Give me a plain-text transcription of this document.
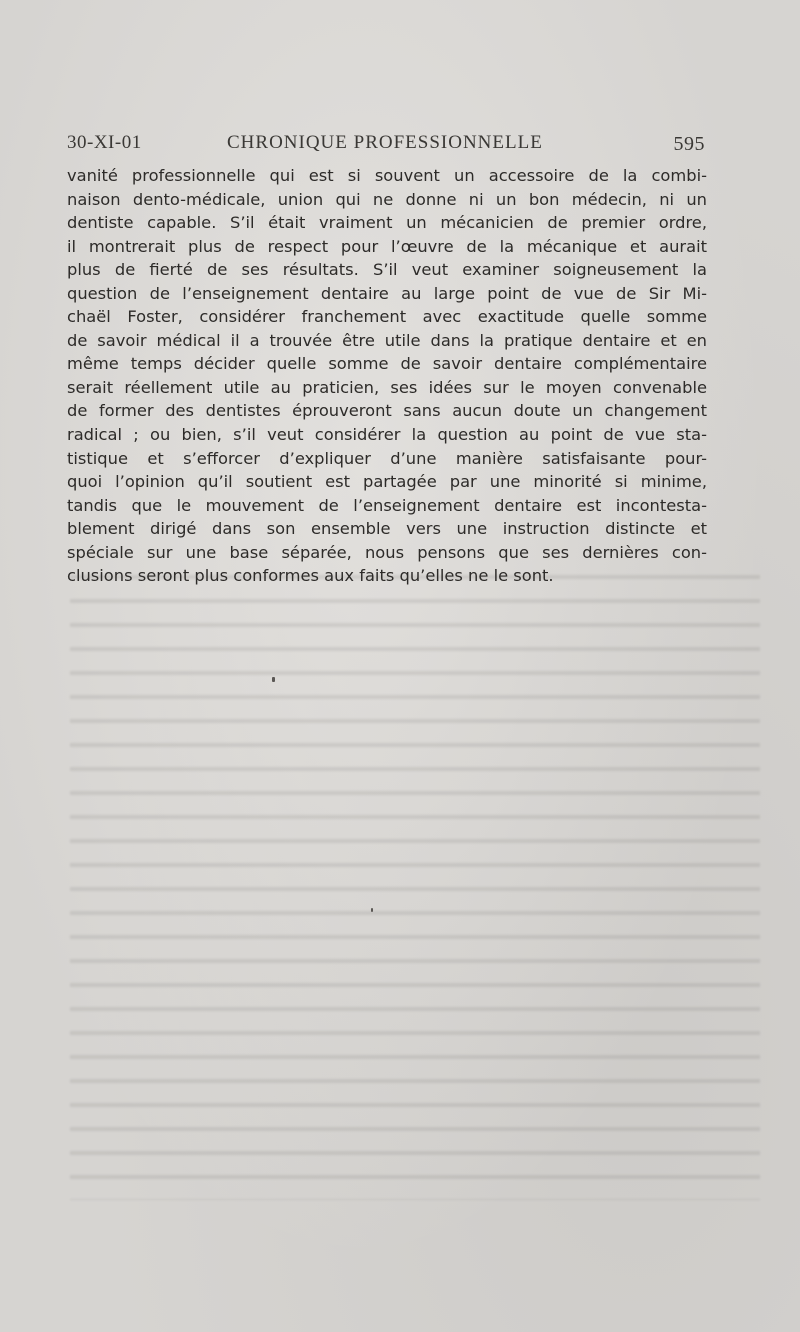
30-XI-01	CHRONIQUE PROFESSIONNELLE	595
vanité professionnelle qui est si souvent un accessoire de la combi-
naison dento-médicale, union qui ne donne ni un bon médecin, ni un
dentiste capable. S’il était vraiment un mécanicien de premier ordre,
il montrerait plus de respect pour l’œuvre de la mécanique et aurait
plus de fierté de ses résultats. S’il veut examiner soigneusement la
question de l’enseignement dentaire au large point de vue de Sir Mi-
chaël Foster, considérer franchement avec exactitude quelle somme
de savoir médical il a trouvée être utile dans la pratique dentaire et en
même temps décider quelle somme de savoir dentaire complémentaire
serait réellement utile au praticien, ses idées sur le moyen convenable
de former des dentistes éprouveront sans aucun doute un changement
radical ; ou bien, s’il veut considérer la question au point de vue sta-
tistique et s’efforcer d’expliquer d’une manière satisfaisante pour-
quoi l’opinion qu’il soutient est partagée par une minorité si minime,
tandis que le mouvement de l’enseignement dentaire est incontesta-
blement dirigé dans son ensemble vers une instruction distincte et
spéciale sur une base séparée, nous pensons que ses dernières con-
clusions seront plus conformes aux faits qu’elles ne le sont.
